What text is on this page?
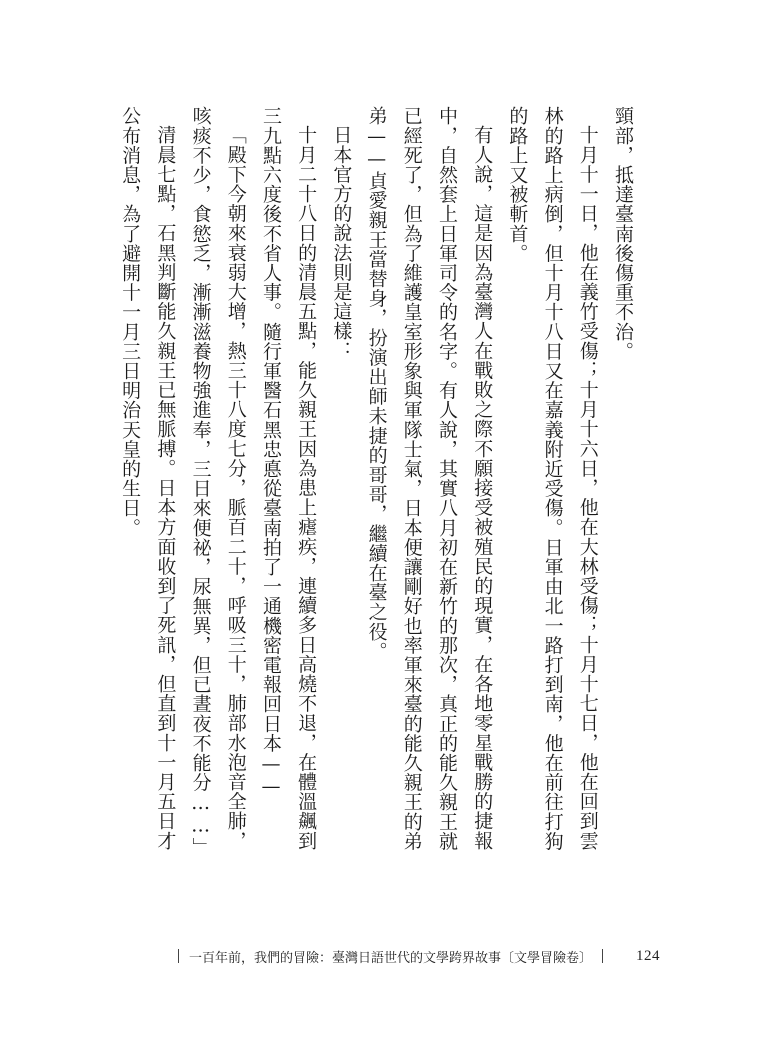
頸部，抵達臺南後傷重不治。

十月十一日，他在義竹受傷；十月十六日，他在大林受傷；十月十七日，他在回到雲林的路上病倒，但十月十八日又在嘉義附近受傷。日軍由北一路打到南，他在前往打狗的路上又被斬首。

有人說，這是因為臺灣人在戰敗之際不願接受被殖民的現實，在各地零星戰勝的捷報中，自然套上日軍司令的名字。有人說，其實八月初在新竹的那次，真正的能久親王就已經死了，但為了維護皇室形象與軍隊士氣，日本便讓剛好也率軍來臺的能久親王的弟弟——貞愛親王當替身，扮演出師未捷的哥哥，繼續在臺之役。

日本官方的說法則是這樣：

十月二十八日的清晨五點，能久親王因為患上瘧疾，連續多日高燒不退，在體溫飆到三九點六度後不省人事。隨行軍醫石黑忠悳從臺南拍了一通機密電報回日本——

「殿下今朝來衰弱大增，熱三十八度七分，脈百二十，呼吸三十，肺部水泡音全肺，咳痰不少，食慾乏，漸漸滋養物強進奉，三日來便祕，尿無異，但已晝夜不能分……」

清晨七點，石黑判斷能久親王已無脈搏。日本方面收到了死訊，但直到十一月五日才公布消息，為了避開十一月三日明治天皇的生日。

一百年前，我們的冒險：臺灣日語世代的文學跨界故事〔文學冒險卷〕	124
